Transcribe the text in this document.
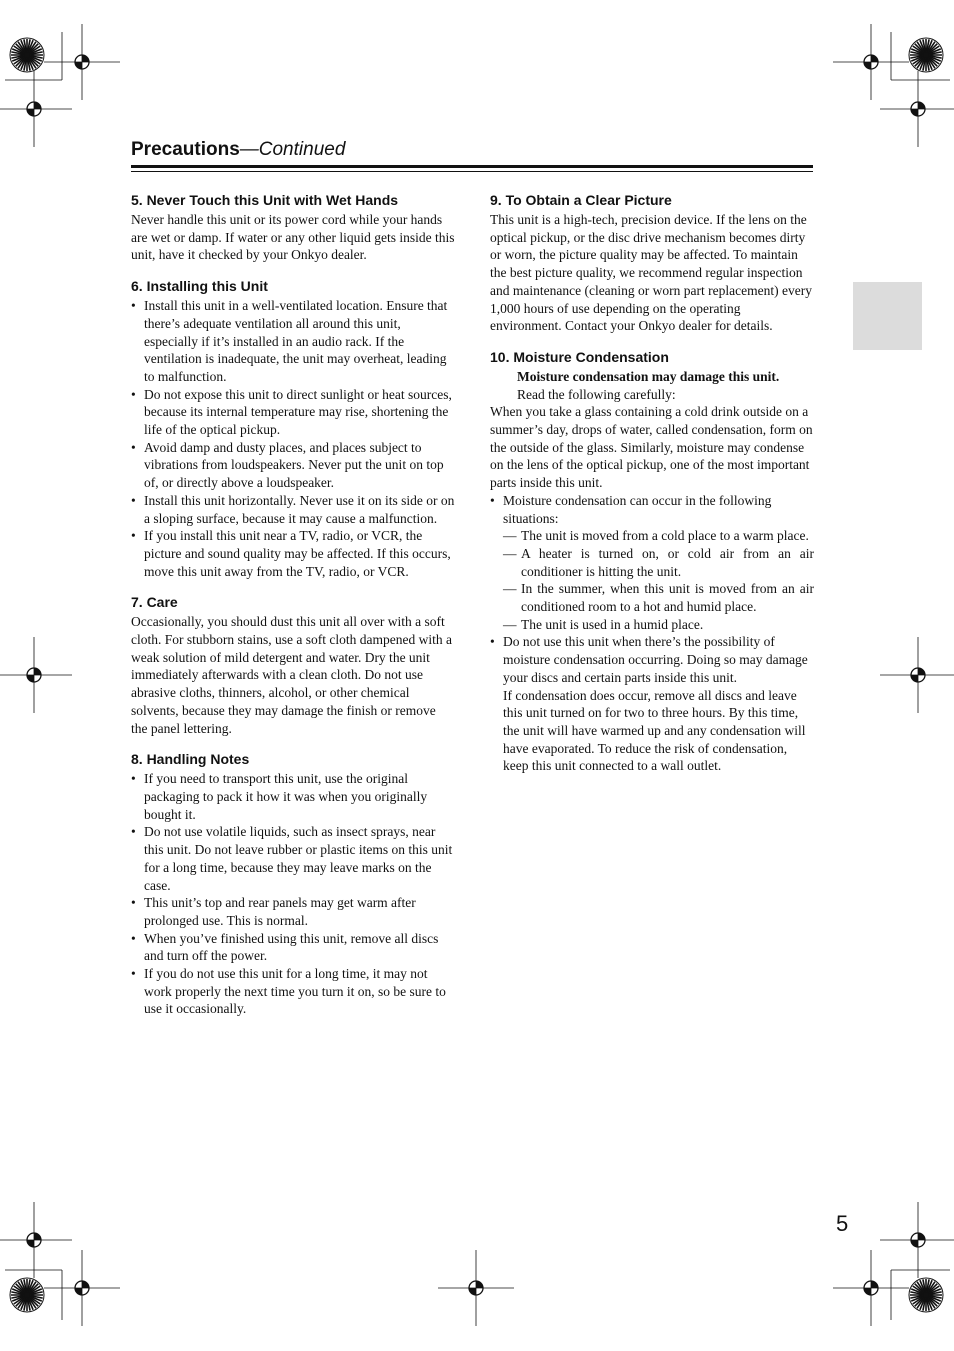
Precautions—Continued
5. Never Touch this Unit with Wet Hands

Never handle this unit or its power cord while your hands are wet or damp. If water or any other liquid gets inside this unit, have it checked by your Onkyo dealer.

6. Installing this Unit
• Install this unit in a well-ventilated location. Ensure that there’s adequate ventilation all around this unit, especially if it’s installed in an audio rack. If the ventilation is inadequate, the unit may overheat, leading to malfunction.
• Do not expose this unit to direct sunlight or heat sources, because its internal temperature may rise, shortening the life of the optical pickup.
• Avoid damp and dusty places, and places subject to vibrations from loudspeakers. Never put the unit on top of, or directly above a loudspeaker.
• Install this unit horizontally. Never use it on its side or on a sloping surface, because it may cause a malfunction.
• If you install this unit near a TV, radio, or VCR, the picture and sound quality may be affected. If this occurs, move this unit away from the TV, radio, or VCR.
7. Care

Occasionally, you should dust this unit all over with a soft cloth. For stubborn stains, use a soft cloth dampened with a weak solution of mild detergent and water. Dry the unit immediately afterwards with a clean cloth. Do not use abrasive cloths, thinners, alcohol, or other chemical solvents, because they may damage the finish or remove the panel lettering.

8. Handling Notes
• If you need to transport this unit, use the original packaging to pack it how it was when you originally bought it.
• Do not use volatile liquids, such as insect sprays, near this unit. Do not leave rubber or plastic items on this unit for a long time, because they may leave marks on the case.
• This unit’s top and rear panels may get warm after prolonged use. This is normal.
• When you’ve finished using this unit, remove all discs and turn off the power.
• If you do not use this unit for a long time, it may not work properly the next time you turn it on, so be sure to use it occasionally.
9. To Obtain a Clear Picture

This unit is a high-tech, precision device. If the lens on the optical pickup, or the disc drive mechanism becomes dirty or worn, the picture quality may be affected. To maintain the best picture quality, we recommend regular inspection and maintenance (cleaning or worn part replacement) every 1,000 hours of use depending on the operating environment. Contact your Onkyo dealer for details.

10. Moisture Condensation

Moisture condensation may damage this unit.

Read the following carefully:

When you take a glass containing a cold drink outside on a summer’s day, drops of water, called condensation, form on the outside of the glass. Similarly, moisture may condense on the lens of the optical pickup, one of the most important parts inside this unit.

• Moisture condensation can occur in the following situations:
— The unit is moved from a cold place to a warm place.
— A heater is turned on, or cold air from an air conditioner is hitting the unit.
— In the summer, when this unit is moved from an air conditioned room to a hot and humid place.
— The unit is used in a humid place.
• Do not use this unit when there’s the possibility of moisture condensation occurring. Doing so may damage your discs and certain parts inside this unit.

If condensation does occur, remove all discs and leave this unit turned on for two to three hours. By this time, the unit will have warmed up and any condensation will have evaporated. To reduce the risk of condensation, keep this unit connected to a wall outlet.

5
